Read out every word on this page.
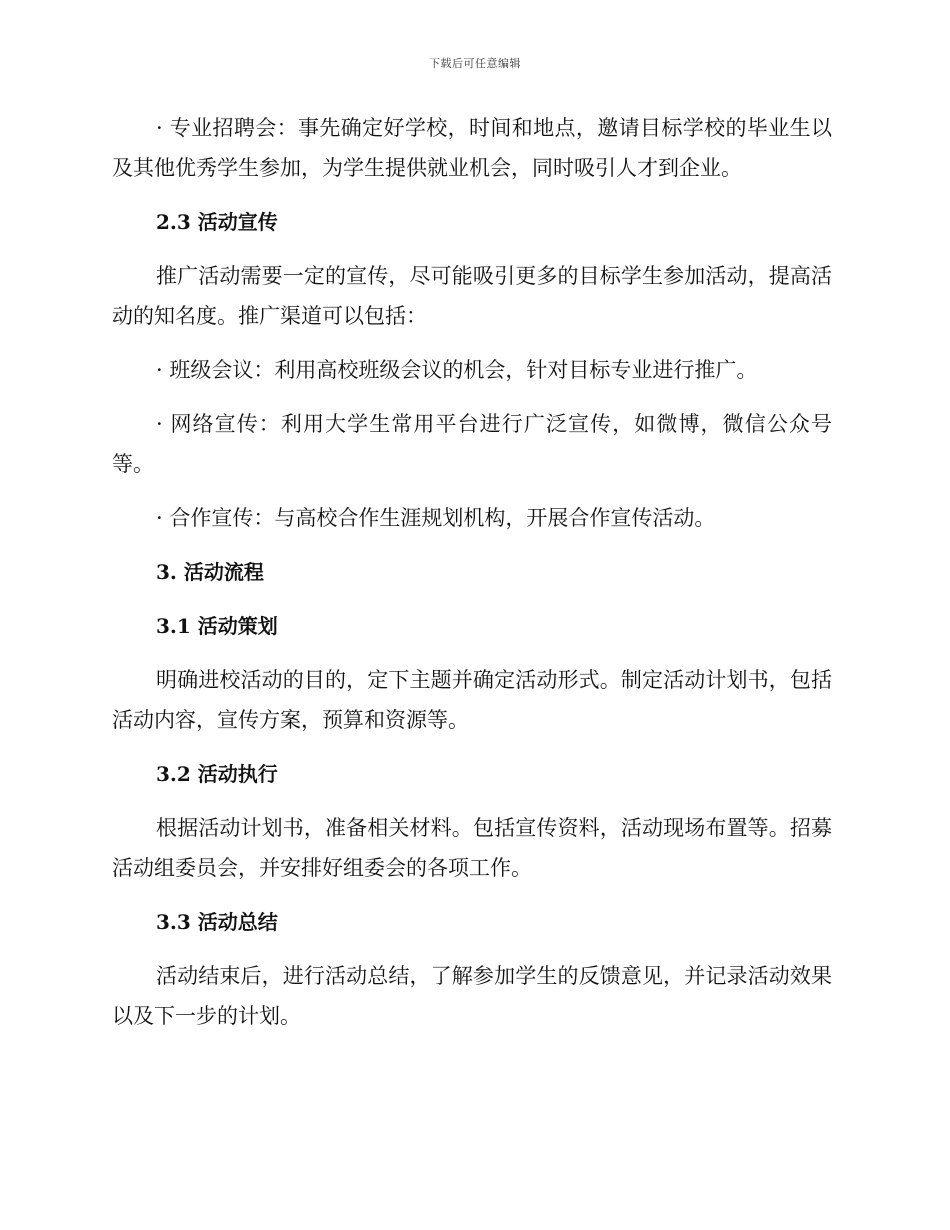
下载后可任意编辑

· 专业招聘会：事先确定好学校，时间和地点，邀请目标学校的毕业生以及其他优秀学生参加，为学生提供就业机会，同时吸引人才到企业。

2.3 活动宣传

推广活动需要一定的宣传，尽可能吸引更多的目标学生参加活动，提高活动的知名度。推广渠道可以包括：

· 班级会议：利用高校班级会议的机会，针对目标专业进行推广。

· 网络宣传：利用大学生常用平台进行广泛宣传，如微博，微信公众号等。

· 合作宣传：与高校合作生涯规划机构，开展合作宣传活动。

3. 活动流程

3.1 活动策划

明确进校活动的目的，定下主题并确定活动形式。制定活动计划书，包括活动内容，宣传方案，预算和资源等。

3.2 活动执行

根据活动计划书，准备相关材料。包括宣传资料，活动现场布置等。招募活动组委员会，并安排好组委会的各项工作。

3.3 活动总结

活动结束后，进行活动总结，了解参加学生的反馈意见，并记录活动效果以及下一步的计划。
